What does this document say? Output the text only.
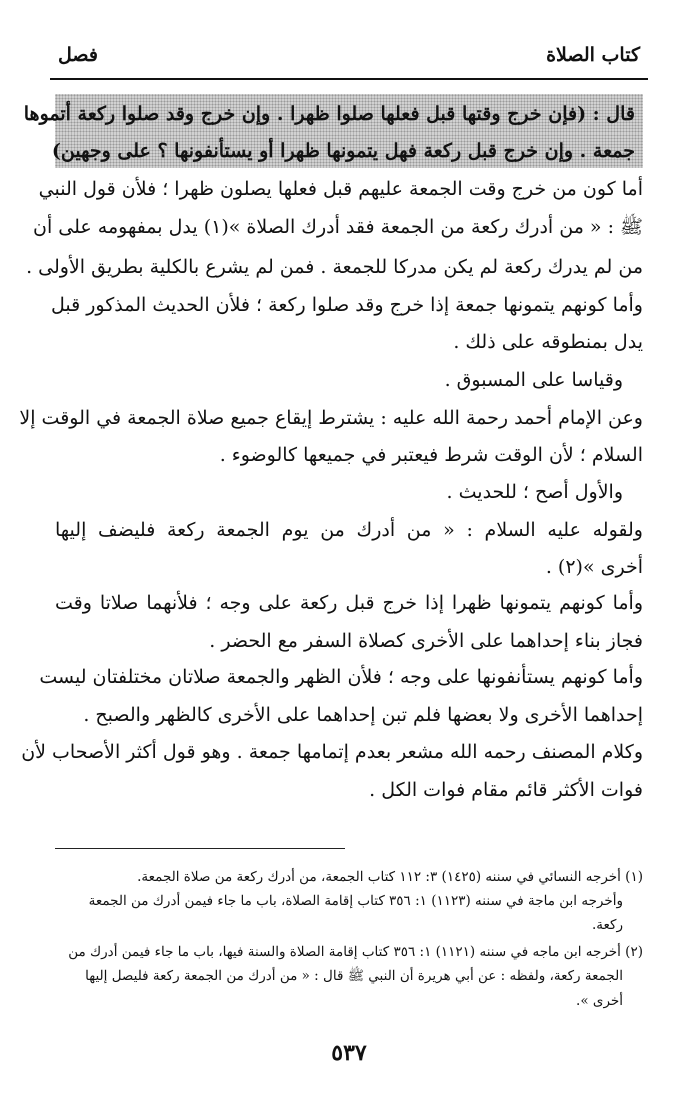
كتاب الصلاة
فصل
قال : (فإن خرج وقتها قبل فعلها صلوا ظهرا . وإن خرج وقد صلوا ركعة أتموها
جمعة . وإن خرج قبل ركعة فهل يتمونها ظهرا أو يستأنفونها ؟ على وجهين)
أما كون من خرج وقت الجمعة عليهم قبل فعلها يصلون ظهرا ؛ فلأن قول النبي
ﷺ : « من أدرك ركعة من الجمعة فقد أدرك الصلاة »(١) يدل بمفهومه على أن
من لم يدرك ركعة لم يكن مدركا للجمعة . فمن لم يشرع بالكلية بطريق الأولى .
وأما كونهم يتمونها جمعة إذا خرج وقد صلوا ركعة ؛ فلأن الحديث المذكور قبل
يدل بمنطوقه على ذلك .
وقياسا على المسبوق .
وعن الإمام أحمد رحمة الله عليه : يشترط إيقاع جميع صلاة الجمعة في الوقت إلا
السلام ؛ لأن الوقت شرط فيعتبر في جميعها كالوضوء .
والأول أصح ؛ للحديث .
ولقوله عليه السلام : « من أدرك من يوم الجمعة ركعة فليضف إليها
أخرى »(٢) .
وأما كونهم يتمونها ظهرا إذا خرج قبل ركعة على وجه ؛ فلأنهما صلاتا وقت
فجاز بناء إحداهما على الأخرى كصلاة السفر مع الحضر .
وأما كونهم يستأنفونها على وجه ؛ فلأن الظهر والجمعة صلاتان مختلفتان ليست
إحداهما الأخرى ولا بعضها فلم تبن إحداهما على الأخرى كالظهر والصبح .
وكلام المصنف رحمه الله مشعر بعدم إتمامها جمعة . وهو قول أكثر الأصحاب لأن
فوات الأكثر قائم مقام فوات الكل .
(١) أخرجه النسائي في سننه (١٤٢٥) ٣: ١١٢ كتاب الجمعة، من أدرك ركعة من صلاة الجمعة.
وأخرجه ابن ماجة في سننه (١١٢٣) ١: ٣٥٦ كتاب إقامة الصلاة، باب ما جاء فيمن أدرك من الجمعة
ركعة.
(٢) أخرجه ابن ماجه في سننه (١١٢١) ١: ٣٥٦ كتاب إقامة الصلاة والسنة فيها، باب ما جاء فيمن أدرك من
الجمعة ركعة، ولفظه : عن أبي هريرة أن النبي ﷺ قال : « من أدرك من الجمعة ركعة فليصل إليها
أخرى ».
٥٣٧
